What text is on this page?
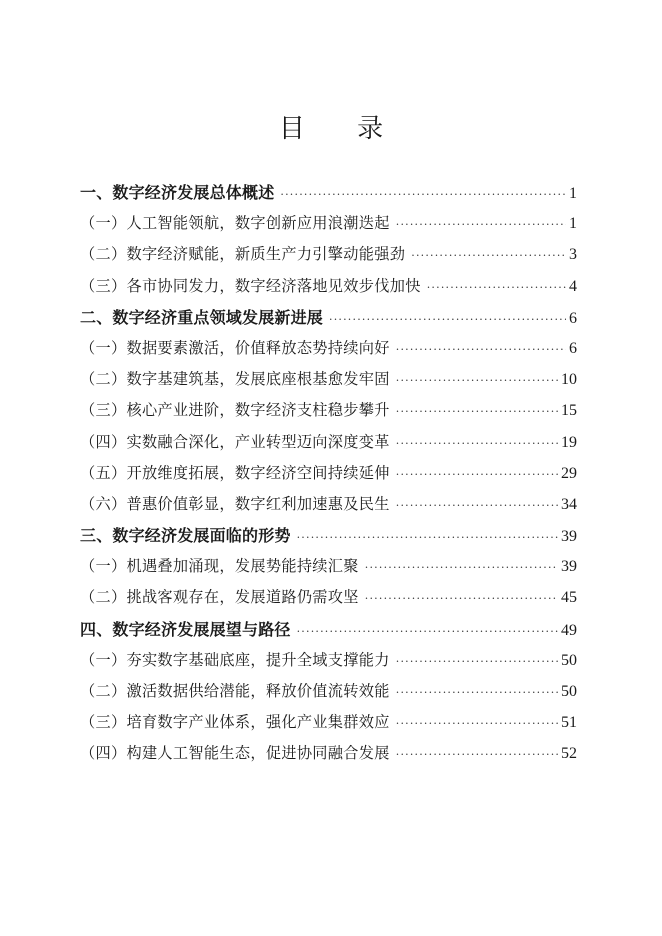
目 录
一、数字经济发展总体概述 ·····	1
（一）人工智能领航，数字创新应用浪潮迭起 ·····	1
（二）数字经济赋能，新质生产力引擎动能强劲 ·····	3
（三）各市协同发力，数字经济落地见效步伐加快 ·····	4
二、数字经济重点领域发展新进展 ·····	6
（一）数据要素激活，价值释放态势持续向好 ·····	6
（二）数字基建筑基，发展底座根基愈发牢固 ·····	10
（三）核心产业进阶，数字经济支柱稳步攀升 ·····	15
（四）实数融合深化，产业转型迈向深度变革 ·····	19
（五）开放维度拓展，数字经济空间持续延伸 ·····	29
（六）普惠价值彰显，数字红利加速惠及民生 ·····	34
三、数字经济发展面临的形势 ·····	39
（一）机遇叠加涌现，发展势能持续汇聚 ·····	39
（二）挑战客观存在，发展道路仍需攻坚 ·····	45
四、数字经济发展展望与路径 ·····	49
（一）夯实数字基础底座，提升全域支撑能力 ·····	50
（二）激活数据供给潜能，释放价值流转效能 ·····	50
（三）培育数字产业体系，强化产业集群效应 ·····	51
（四）构建人工智能生态，促进协同融合发展 ·····	52
